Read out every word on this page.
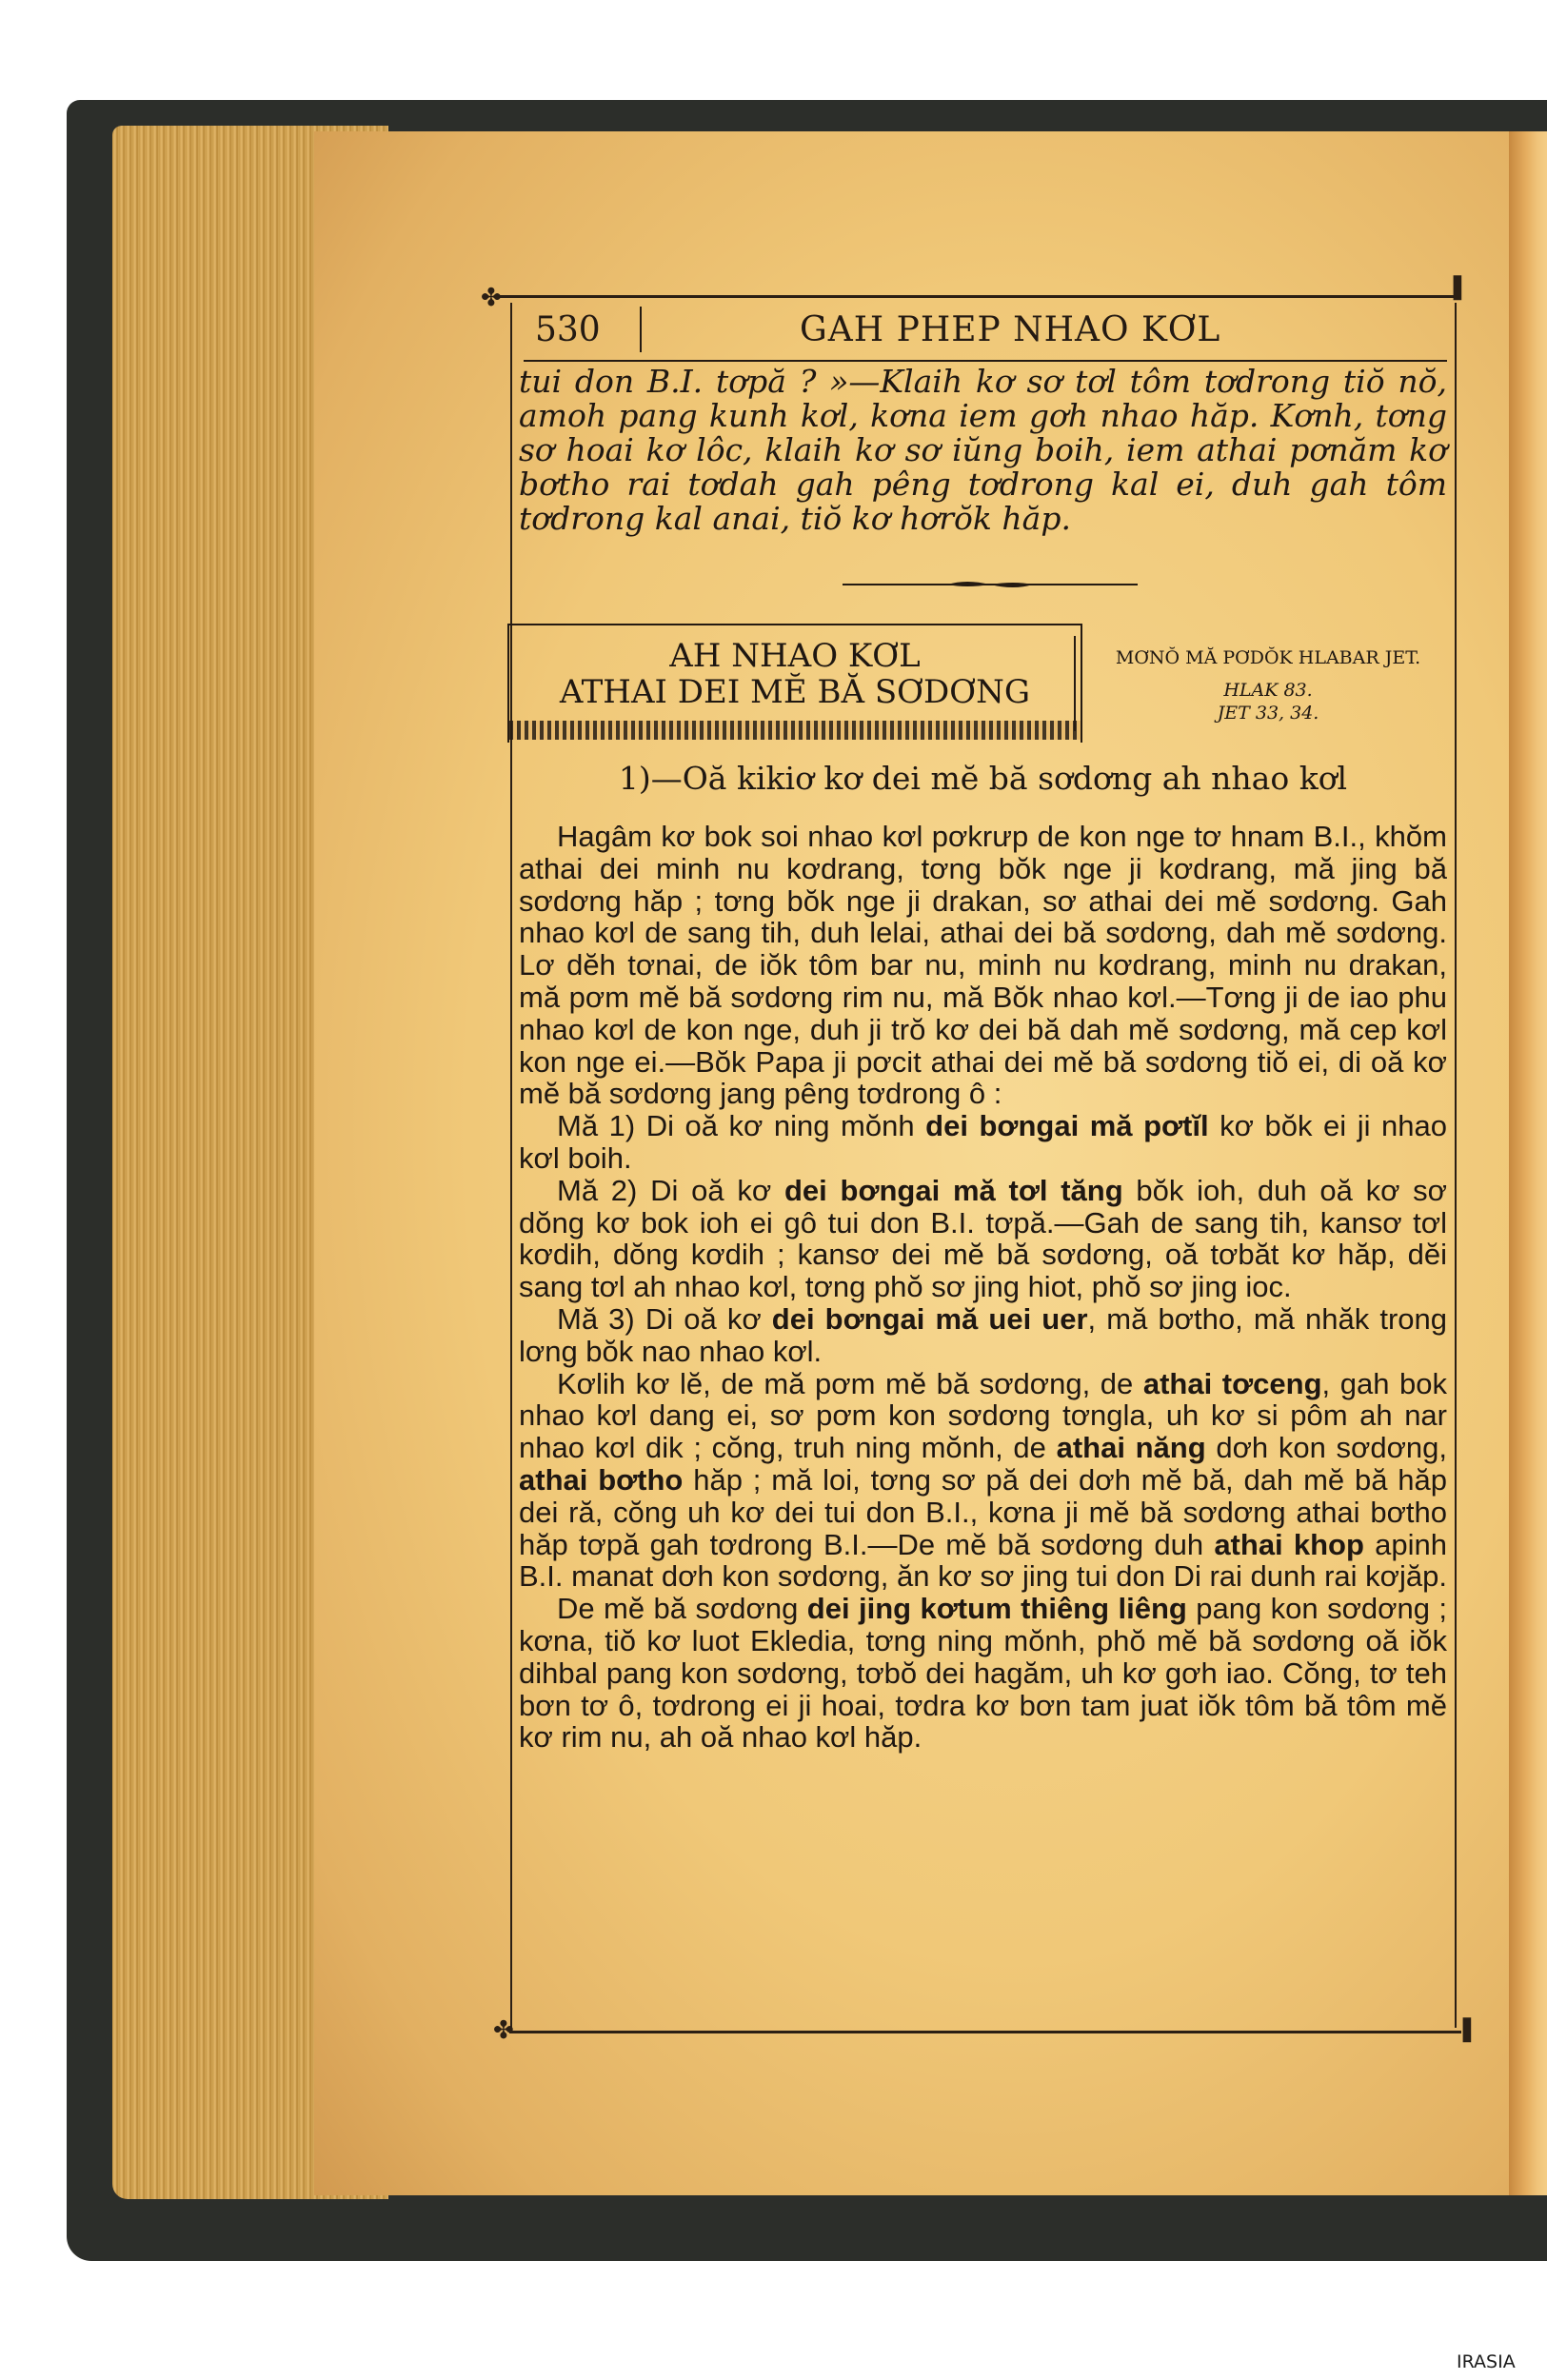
✤	❚
✤	❚
530	GAH PHEP NHAO KƠL

tui don B.I. tơpă ? »—Klaih kơ sơ tơl tôm tơdrong tiŏ nŏ, amoh pang kunh kơl, kơna iem gơh nhao hăp. Kơnh, tơng sơ hoai kơ lôc, klaih kơ sơ iŭng boih, iem athai pơnăm kơ bơtho rai tơdah gah pêng tơdrong kal ei, duh gah tôm tơdrong kal anai, tiŏ kơ hơrŏk hăp.

AH NHAO KƠL
ATHAI DEI MĔ BĂ SƠDƠNG
MƠNŎ MĂ PƠDŎK HLABAR JET.
HLAK 83.
JET 33, 34.
1)—Oă kikiơ kơ dei mĕ bă sơdơng ah nhao kơl

Hagâm kơ bok soi nhao kơl pơkrưp de kon nge tơ hnam B.I., khŏm athai dei minh nu kơdrang, tơng bŏk nge ji kơdrang, mă jing bă sơdơng hăp ; tơng bŏk nge ji drakan, sơ athai dei mĕ sơdơng. Gah nhao kơl de sang tih, duh lelai, athai dei bă sơdơng, dah mĕ sơdơng. Lơ dĕh tơnai, de iŏk tôm bar nu, minh nu kơdrang, minh nu drakan, mă pơm mĕ bă sơdơng rim nu, mă Bŏk nhao kơl.—Tơng ji de iao phu nhao kơl de kon nge, duh ji trŏ kơ dei bă dah mĕ sơdơng, mă cep kơl kon nge ei.—Bŏk Papa ji pơcit athai dei mĕ bă sơdơng tiŏ ei, di oă kơ mĕ bă sơdơng jang pêng tơdrong ô :

Mă 1) Di oă kơ ning mŏnh dei bơngai mă pơtĭl kơ bŏk ei ji nhao kơl boih.

Mă 2) Di oă kơ dei bơngai mă tơl tăng bŏk ioh, duh oă kơ sơ dŏng kơ bok ioh ei gô tui don B.I. tơpă.—Gah de sang tih, kansơ tơl kơdih, dŏng kơdih ; kansơ dei mĕ bă sơdơng, oă tơbăt kơ hăp, dĕi sang tơl ah nhao kơl, tơng phŏ sơ jing hiot, phŏ sơ jing ioc.

Mă 3) Di oă kơ dei bơngai mă uei uer, mă bơtho, mă nhăk trong lơng bŏk nao nhao kơl.

Kơlih kơ lĕ, de mă pơm mĕ bă sơdơng, de athai tơceng, gah bok nhao kơl dang ei, sơ pơm kon sơdơng tơngla, uh kơ si pôm ah nar nhao kơl dik ; cŏng, truh ning mŏnh, de athai năng dơh kon sơdơng, athai bơtho hăp ; mă loi, tơng sơ pă dei dơh mĕ bă, dah mĕ bă hăp dei ră, cŏng uh kơ dei tui don B.I., kơna ji mĕ bă sơdơng athai bơtho hăp tơpă gah tơdrong B.I.—De mĕ bă sơdơng duh athai khop apinh B.I. manat dơh kon sơdơng, ăn kơ sơ jing tui don Di rai dunh rai kơjăp.

De mĕ bă sơdơng dei jing kơtum thiêng liêng pang kon sơdơng ; kơna, tiŏ kơ luot Ekledia, tơng ning mŏnh, phŏ mĕ bă sơdơng oă iŏk dihbal pang kon sơdơng, tơbŏ dei hagăm, uh kơ gơh iao. Cŏng, tơ teh bơn tơ ô, tơdrong ei ji hoai, tơdra kơ bơn tam juat iŏk tôm bă tôm mĕ kơ rim nu, ah oă nhao kơl hăp.

IRASIA
